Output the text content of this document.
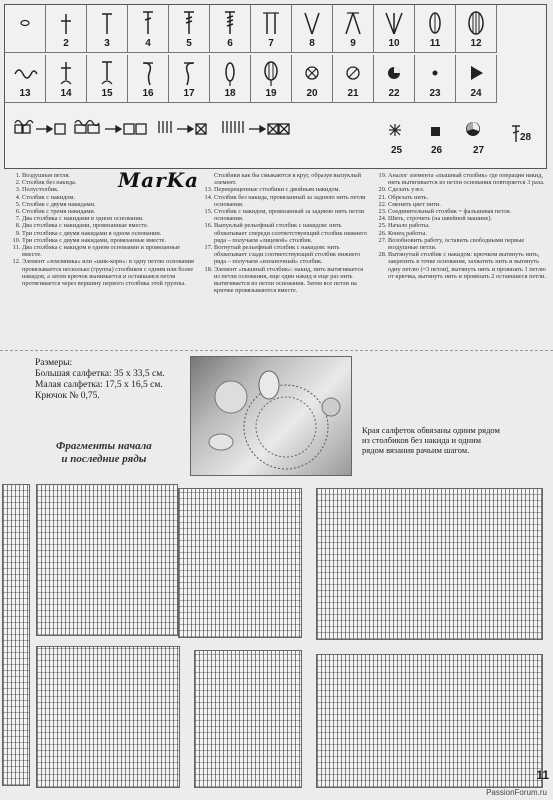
2	3	4	5	6	7	8	9	10	11	12
13	14	15	16	17	18	19	20	21	22	23	24
25	26	27
28
MarKa
1. Воздушная петля.
2. Столбик без накида.
3. Полустолбик.
4. Столбик с накидом.
5. Столбик с двумя накидами.
6. Столбик с тремя накидами.
7. Два столбика с накидами в одном основании.
8. Два столбика с накидами, провязанные вместе.
9. Три столбика с двумя накидами в одном основании.
10. Три столбика с двумя накидами, провязанные вместе.
11. Два столбика с накидом в одном основании и провязанные вместе.
12. Элемент «земляника» или «шик-корн»: в одну петлю основания провязывается несколько (группа) столбиков с одним или более накидов, а затем крючок вынимается и оставшаяся петля протягивается через вершину первого столбика этой группы.
Столбики как бы смыкаются в круг, образуя выпуклый элемент.
13. Перекрещенные столбики с двойным накидом.
14. Столбик без накида, провязанный за заднюю нить петли основания.
15. Столбик с накидом, провязанный за заднюю нить петли основания.
16. Выпуклый рельефный столбик с накидом: нить обхватывает спереди соответствующий столбик нижнего ряда – получаем «лицевой» столбик.
17. Вогнутый рельефный столбик с накидом: нить обхватывает сзади соответствующий столбик нижнего ряда – получаем «изнаночный» столбик.
18. Элемент «пышный столбик»: накид, нить вытягивается из петли основания, еще один накид и еще раз нить вытягивается из петли основания. Затем все петли на крючке провязываются вместе.
19. Аналог элемента «пышный столбик» где операция накид, нить вытягивается из петли основания повторяется 3 раза.
20. Сделать узел.
21. Обрезать нить.
22. Сменить цвет нити.
23. Соединительный столбик = фальшивая петля.
24. Шить, строчить (на швейной машине).
25. Начало работы.
26. Конец работы.
27. Возобновить работу, оставить свободными первые воздушные петли.
28. Вытянутый столбик с накидом: крючком вытянуть нить, закрепить в точке основания, захватить нить и вытянуть одну петлю (=3 петли), вытянуть нить и провязать 1 петлю от крючка, вытянуть нить и провязать 2 оставшиеся петли.
Размеры:
Большая салфетка: 35 x 33,5 см.
Малая салфетка: 17,5 x 16,5 см.
Крючок № 0,75.
Фрагменты начала
и последние ряды
Края салфеток обвязаны одним рядом из столбиков без накида и одним рядом вязания рачьим шагом.
11
PassionForum.ru
